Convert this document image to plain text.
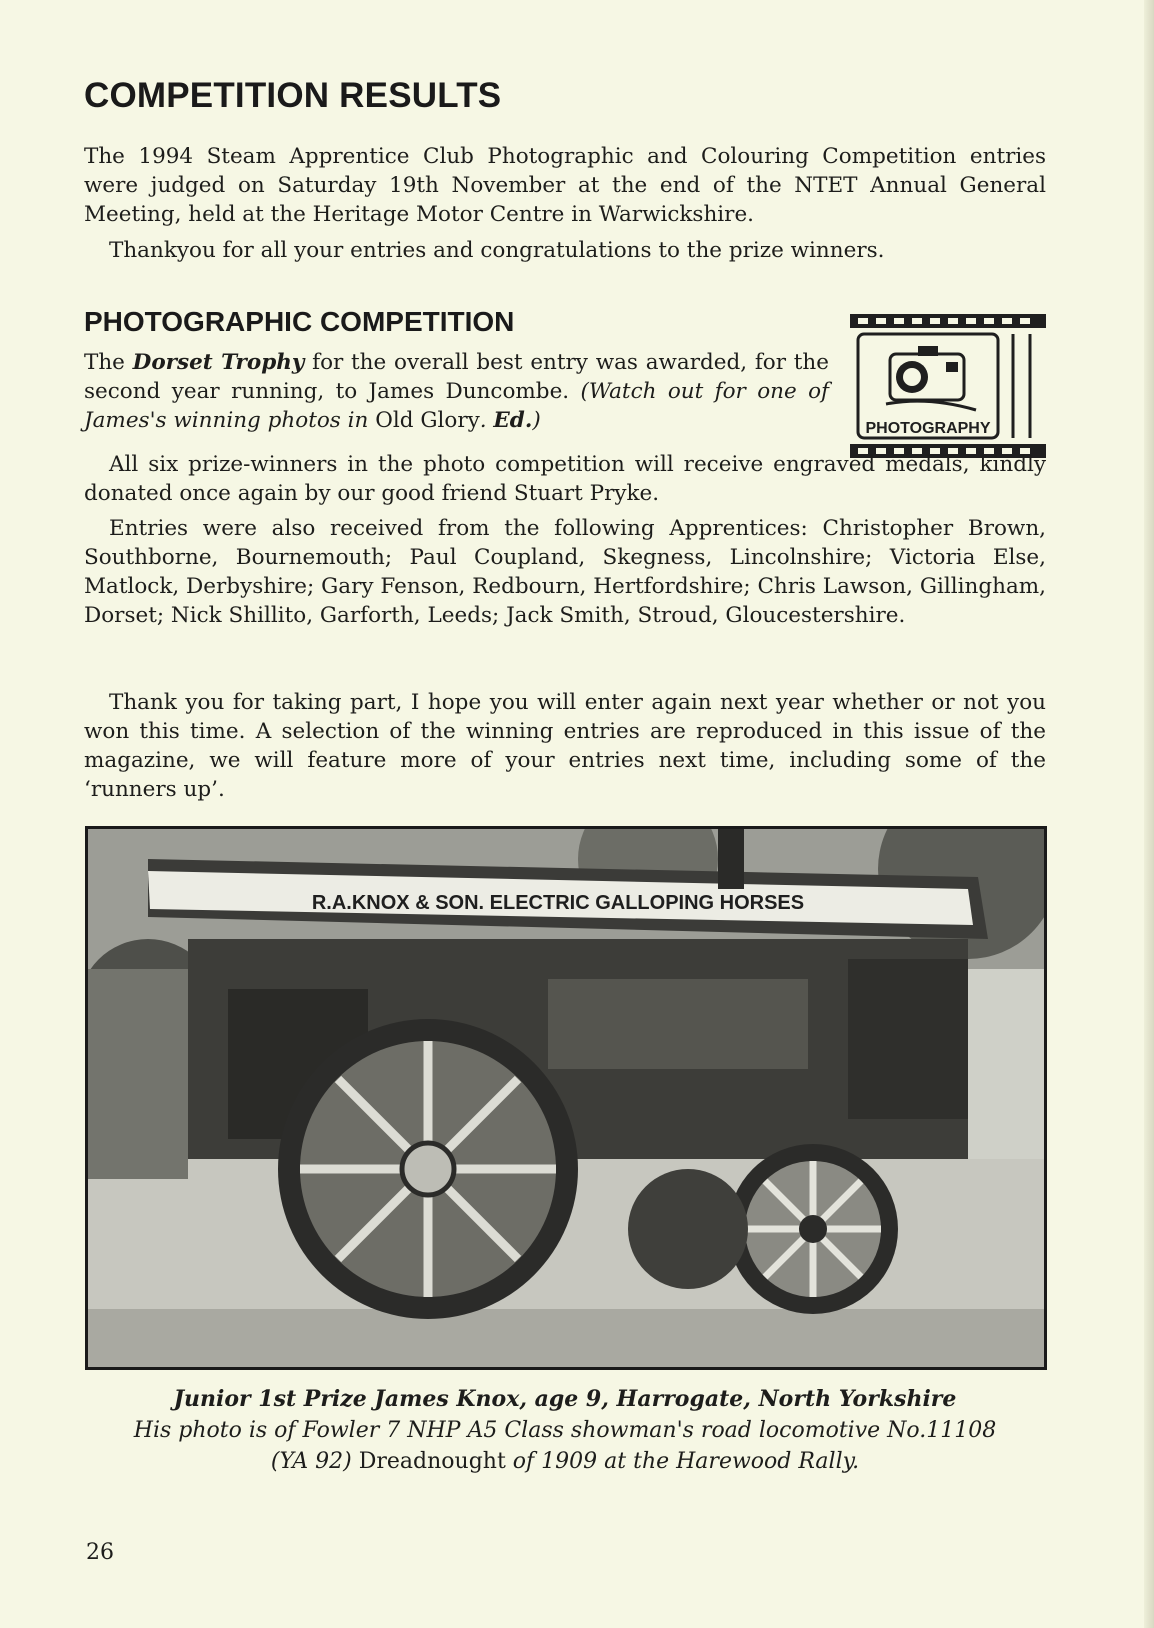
COMPETITION RESULTS

The 1994 Steam Apprentice Club Photographic and Colouring Competition entries were judged on Saturday 19th November at the end of the NTET Annual General Meeting, held at the Heritage Motor Centre in Warwickshire.

Thankyou for all your entries and congratulations to the prize winners.

PHOTOGRAPHIC COMPETITION

The Dorset Trophy for the overall best entry was awarded, for the second year running, to James Duncombe. (Watch out for one of James's winning photos in Old Glory. Ed.)	PHOTOGRAPHY

All six prize-winners in the photo competition will receive engraved medals, kindly donated once again by our good friend Stuart Pryke.

Entries were also received from the following Apprentices: Christopher Brown, Southborne, Bournemouth; Paul Coupland, Skegness, Lincolnshire; Victoria Else, Matlock, Derbyshire; Gary Fenson, Redbourn, Hertfordshire; Chris Lawson, Gillingham, Dorset; Nick Shillito, Garforth, Leeds; Jack Smith, Stroud, Gloucestershire.

Thank you for taking part, I hope you will enter again next year whether or not you won this time. A selection of the winning entries are reproduced in this issue of the magazine, we will feature more of your entries next time, including some of the ‘runners up’.

R.A.KNOX & SON. ELECTRIC GALLOPING HORSES

Junior 1st Prize James Knox, age 9, Harrogate, North Yorkshire

His photo is of Fowler 7 NHP A5 Class showman's road locomotive No.11108

(YA 92) Dreadnought of 1909 at the Harewood Rally.

26
